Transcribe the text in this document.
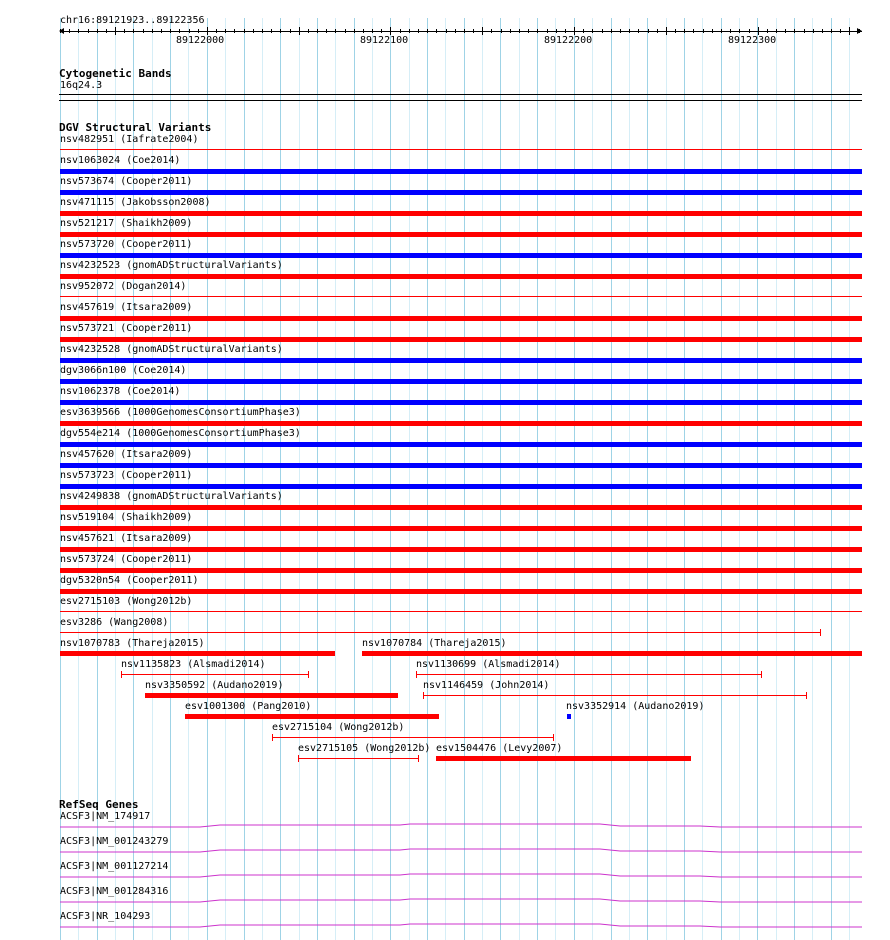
chr16:89121923..89122356
89122000	89122100	89122200	89122300
Cytogenetic Bands
16q24.3
DGV Structural Variants
nsv482951 (Iafrate2004)
nsv1063024 (Coe2014)
nsv573674 (Cooper2011)
nsv471115 (Jakobsson2008)
nsv521217 (Shaikh2009)
nsv573720 (Cooper2011)
nsv4232523 (gnomADStructuralVariants)
nsv952072 (Dogan2014)
nsv457619 (Itsara2009)
nsv573721 (Cooper2011)
nsv4232528 (gnomADStructuralVariants)
dgv3066n100 (Coe2014)
nsv1062378 (Coe2014)
esv3639566 (1000GenomesConsortiumPhase3)
dgv554e214 (1000GenomesConsortiumPhase3)
nsv457620 (Itsara2009)
nsv573723 (Cooper2011)
nsv4249838 (gnomADStructuralVariants)
nsv519104 (Shaikh2009)
nsv457621 (Itsara2009)
nsv573724 (Cooper2011)
dgv5320n54 (Cooper2011)
esv2715103 (Wong2012b)
esv3286 (Wang2008)
nsv1070783 (Thareja2015)	nsv1070784 (Thareja2015)
nsv1135823 (Alsmadi2014)	nsv1130699 (Alsmadi2014)
nsv3350592 (Audano2019)	nsv1146459 (John2014)
esv1001300 (Pang2010)	nsv3352914 (Audano2019)
esv2715104 (Wong2012b)
esv2715105 (Wong2012b) esv1504476 (Levy2007)
RefSeq Genes
ACSF3|NM_174917
ACSF3|NM_001243279
ACSF3|NM_001127214
ACSF3|NM_001284316
ACSF3|NR_104293
